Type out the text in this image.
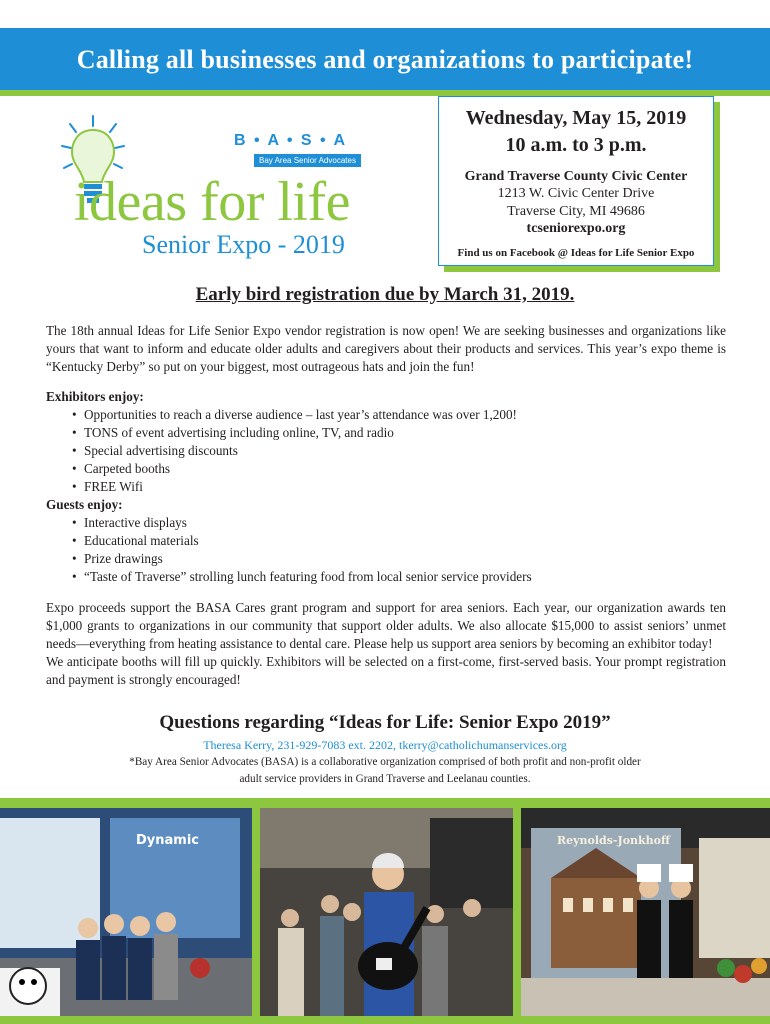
Calling all businesses and organizations to participate!
B • A • S • A
Bay Area Senior Advocates
ideas for life
Senior Expo - 2019
Wednesday, May 15, 2019
10 a.m. to 3 p.m.
Grand Traverse County Civic Center
1213 W. Civic Center Drive
Traverse City, MI 49686
tcseniorexpo.org
Find us on Facebook @ Ideas for Life Senior Expo
Early bird registration due by March 31, 2019.
The 18th annual Ideas for Life Senior Expo vendor registration is now open! We are seeking businesses and organizations like yours that want to inform and educate older adults and caregivers about their products and services. This year’s expo theme is “Kentucky Derby” so put on your biggest, most outrageous hats and join the fun!
Exhibitors enjoy:
• Opportunities to reach a diverse audience – last year’s attendance was over 1,200!
• TONS of event advertising including online, TV, and radio
• Special advertising discounts
• Carpeted booths
• FREE Wifi
Guests enjoy:
• Interactive displays
• Educational materials
• Prize drawings
• “Taste of Traverse” strolling lunch featuring food from local senior service providers
Expo proceeds support the BASA Cares grant program and support for area seniors. Each year, our organization awards ten $1,000 grants to organizations in our community that support older adults. We also allocate $15,000 to assist seniors’ unmet needs—everything from heating assistance to dental care. Please help us support area seniors by becoming an exhibitor today!
We anticipate booths will fill up quickly. Exhibitors will be selected on a first-come, first-served basis. Your prompt registration and payment is strongly encouraged!
Questions regarding “Ideas for Life: Senior Expo 2019”
Theresa Kerry, 231-929-7083 ext. 2202, tkerry@catholichumanservices.org
*Bay Area Senior Advocates (BASA) is a collaborative organization comprised of both profit and non-profit older adult service providers in Grand Traverse and Leelanau counties.
Dynamic	Reynolds-Jonkhoff
